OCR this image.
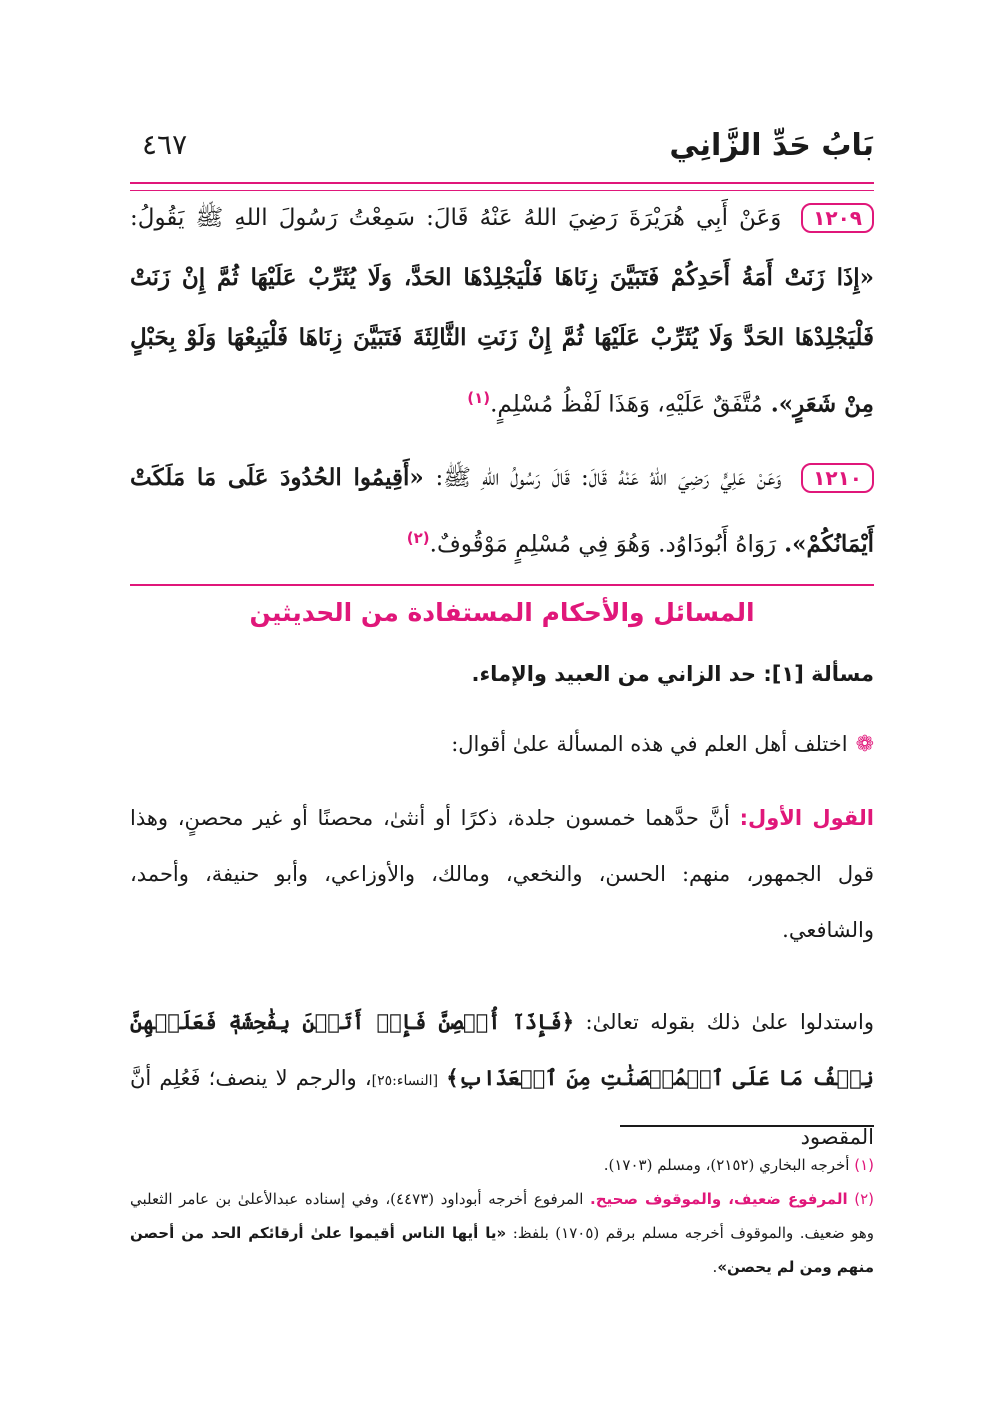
بَابُ حَدِّ الزَّانِي
٤٦٧
١٢٠٩ وَعَنْ أَبِي هُرَيْرَةَ رَضِيَ اللهُ عَنْهُ قَالَ: سَمِعْتُ رَسُولَ اللهِ ﷺ يَقُولُ: «إِذَا زَنَتْ أَمَةُ أَحَدِكُمْ فَتَبَيَّنَ زِنَاهَا فَلْيَجْلِدْهَا الحَدَّ، وَلَا يُثَرِّبْ عَلَيْهَا ثُمَّ إِنْ زَنَتْ فَلْيَجْلِدْهَا الحَدَّ وَلَا يُثَرِّبْ عَلَيْهَا ثُمَّ إِنْ زَنَتِ الثَّالِثَةَ فَتَبَيَّنَ زِنَاهَا فَلْيَبِعْهَا وَلَوْ بِحَبْلٍ مِنْ شَعَرٍ». مُتَّفَقٌ عَلَيْهِ، وَهَذَا لَفْظُ مُسْلِمٍ.$^{(١)}$
١٢١٠ وَعَنْ عَلِيٍّ رَضِيَ اللهُ عَنْهُ قَالَ: قَالَ رَسُولُ اللهِ ﷺ: «أَقِيمُوا الحُدُودَ عَلَى مَا مَلَكَتْ أَيْمَانُكُمْ». رَوَاهُ أَبُودَاوُد. وَهُوَ فِي مُسْلِمٍ مَوْقُوفٌ.$^{(٢)}$
المسائل والأحكام المستفادة من الحديثين
مسألة [١]: حد الزاني من العبيد والإماء.
❁اختلف أهل العلم في هذه المسألة علىٰ أقوال:
القول الأول: أنَّ حدَّهما خمسون جلدة، ذكرًا أو أنثىٰ، محصنًا أو غير محصنٍ، وهذا قول الجمهور، منهم: الحسن، والنخعي، ومالك، والأوزاعي، وأبو حنيفة، وأحمد، والشافعي.
واستدلوا علىٰ ذلك بقوله تعالىٰ: ﴿فَإِذَآ أُحۡصِنَّ فَإِنۡ أَتَيۡنَ بِفَٰحِشَةٖ فَعَلَيۡهِنَّ نِصۡفُ مَا عَلَى ٱلۡمُحۡصَنَٰتِ مِنَ ٱلۡعَذَابِ﴾ [النساء:٢٥]، والرجم لا ينصف؛ فَعُلِم أنَّ المقصود
(١) أخرجه البخاري (٢١٥٢)، ومسلم (١٧٠٣).
(٢) المرفوع ضعيف، والموقوف صحيح. المرفوع أخرجه أبوداود (٤٤٧٣)، وفي إسناده عبدالأعلىٰ بن عامر الثعلبي وهو ضعيف. والموقوف أخرجه مسلم برقم (١٧٠٥) بلفظ: «يا أيها الناس أقيموا علىٰ أرقائكم الحد من أحصن منهم ومن لم يحصن».
